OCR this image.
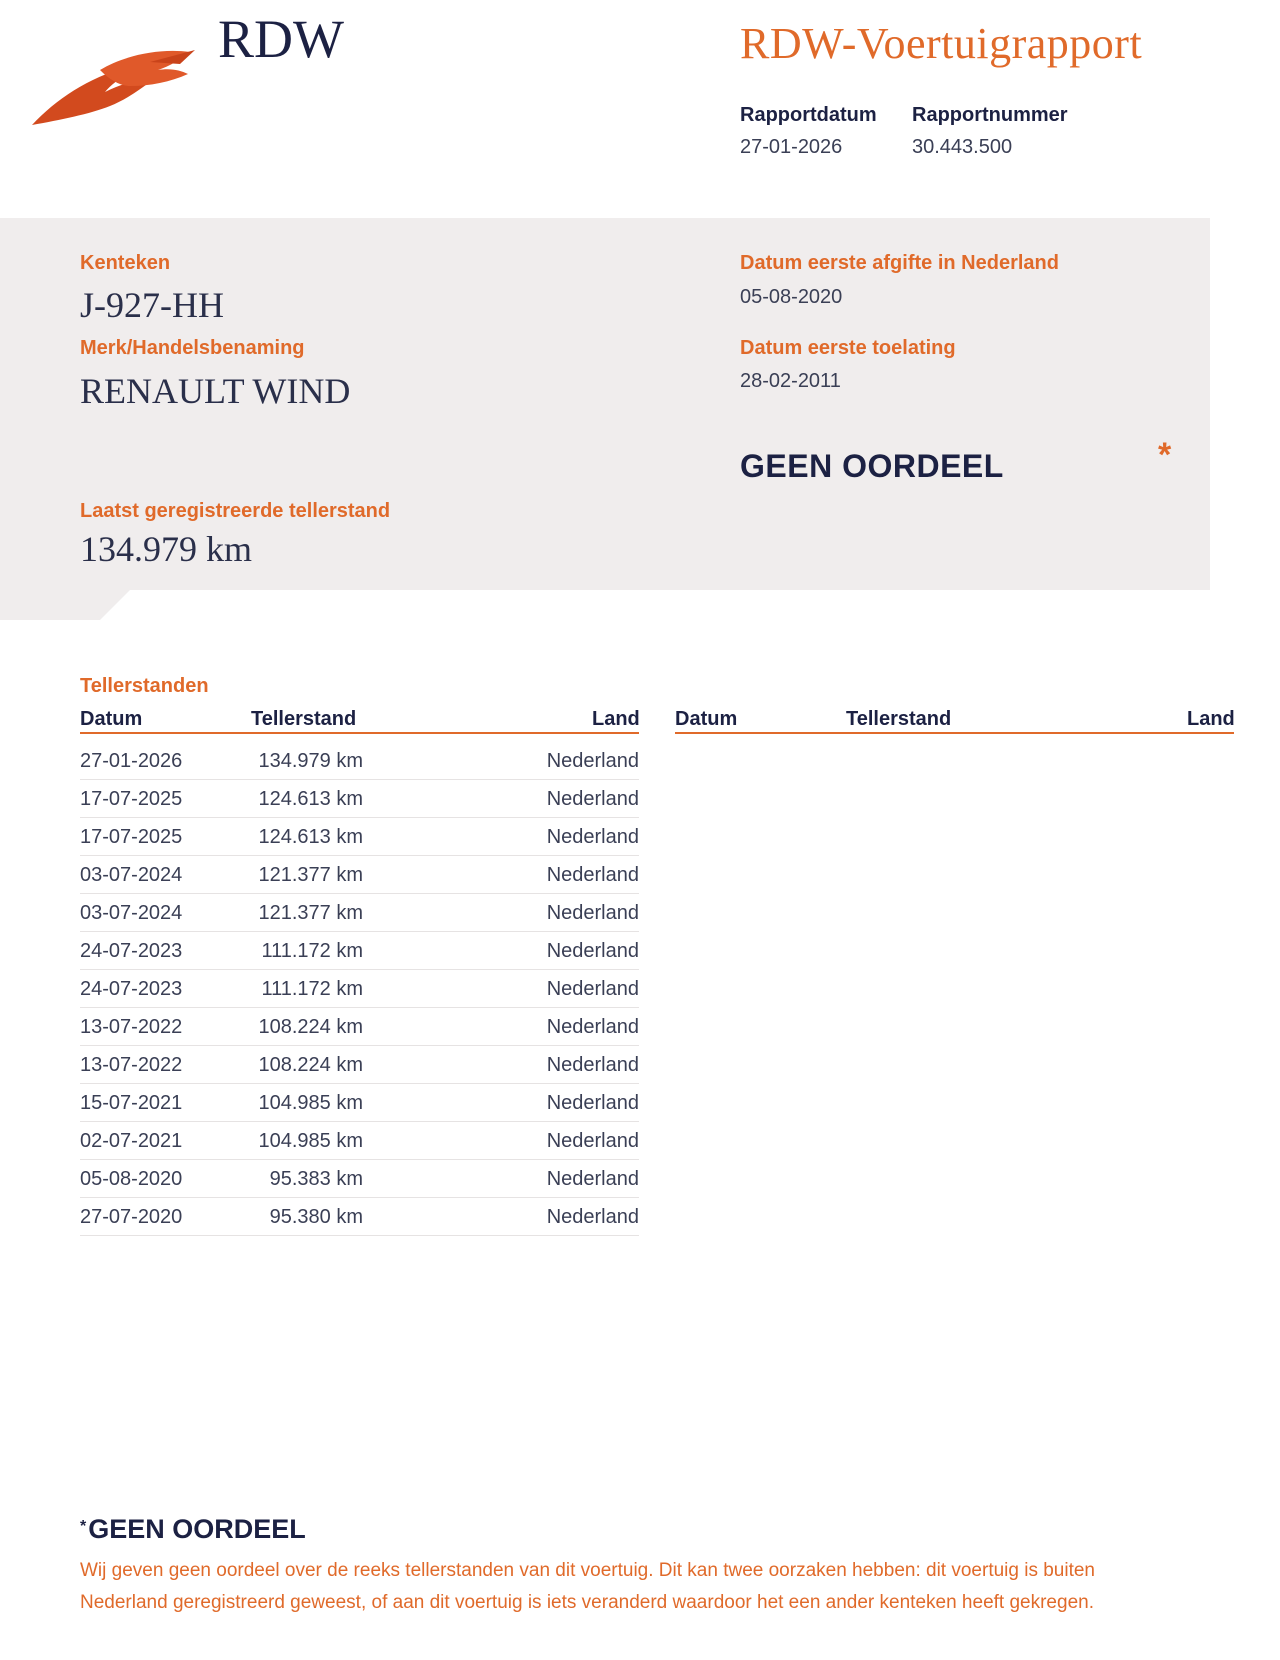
RDW	RDW-Voertuigrapport
Rapportdatum
27-01-2026
Rapportnummer
30.443.500
Kenteken
J-927-HH
Merk/Handelsbenaming
RENAULT WIND
Laatst geregistreerde tellerstand
134.979 km
Datum eerste afgifte in Nederland
05-08-2020
Datum eerste toelating
28-02-2011
GEEN OORDEEL	*
Tellerstanden
Datum	Tellerstand	Land Datum	Tellerstand	Land
27-01-2026	134.979 km	Nederland
17-07-2025	124.613 km	Nederland
17-07-2025	124.613 km	Nederland
03-07-2024	121.377 km	Nederland
03-07-2024	121.377 km	Nederland
24-07-2023	111.172 km	Nederland
24-07-2023	111.172 km	Nederland
13-07-2022	108.224 km	Nederland
13-07-2022	108.224 km	Nederland
15-07-2021	104.985 km	Nederland
02-07-2021	104.985 km	Nederland
05-08-2020	95.383 km	Nederland
27-07-2020	95.380 km	Nederland
*GEEN OORDEEL
Wij geven geen oordeel over de reeks tellerstanden van dit voertuig. Dit kan twee oorzaken hebben: dit voertuig is buiten Nederland geregistreerd geweest, of aan dit voertuig is iets veranderd waardoor het een ander kenteken heeft gekregen.
